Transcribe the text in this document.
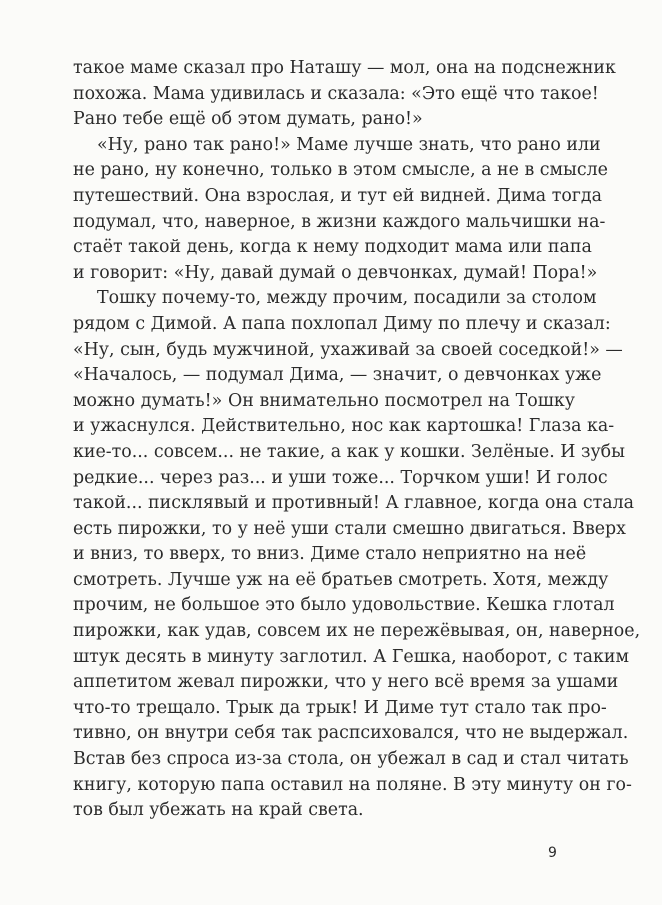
такое маме сказал про Наташу — мол, она на подснежник
похожа. Мама удивилась и сказала: «Это ещё что такое!
Рано тебе ещё об этом думать, рано!»
«Ну, рано так рано!» Маме лучше знать, что рано или
не рано, ну конечно, только в этом смысле, а не в смысле
путешествий. Она взрослая, и тут ей видней. Дима тогда
подумал, что, наверное, в жизни каждого мальчишки на-
стаёт такой день, когда к нему подходит мама или папа
и говорит: «Ну, давай думай о девчонках, думай! Пора!»
Тошку почему-то, между прочим, посадили за столом
рядом с Димой. А папа похлопал Диму по плечу и сказал:
«Ну, сын, будь мужчиной, ухаживай за своей соседкой!» —
«Началось, — подумал Дима, — значит, о девчонках уже
можно думать!» Он внимательно посмотрел на Тошку
и ужаснулся. Действительно, нос как картошка! Глаза ка-
кие-то... совсем... не такие, а как у кошки. Зелёные. И зубы
редкие... через раз... и уши тоже... Торчком уши! И голос
такой... писклявый и противный! А главное, когда она стала
есть пирожки, то у неё уши стали смешно двигаться. Вверх
и вниз, то вверх, то вниз. Диме стало неприятно на неё
смотреть. Лучше уж на её братьев смотреть. Хотя, между
прочим, не большое это было удовольствие. Кешка глотал
пирожки, как удав, совсем их не пережёвывая, он, наверное,
штук десять в минуту заглотил. А Гешка, наоборот, с таким
аппетитом жевал пирожки, что у него всё время за ушами
что-то трещало. Трык да трык! И Диме тут стало так про-
тивно, он внутри себя так распсиховался, что не выдержал.
Встав без спроса из-за стола, он убежал в сад и стал читать
книгу, которую папа оставил на поляне. В эту минуту он го-
тов был убежать на край света.
9
